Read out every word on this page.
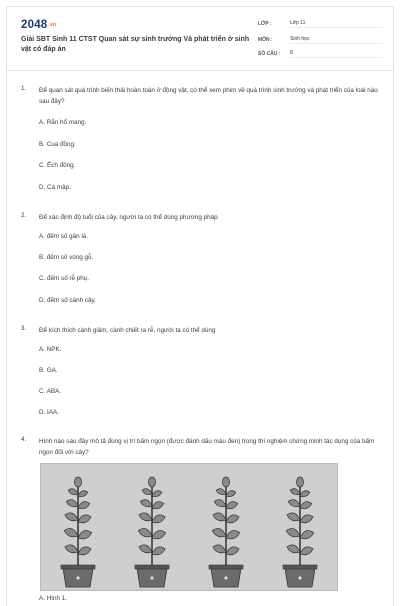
$2048^{.vn}$
Giải SBT Sinh 11 CTST Quan sát sự sinh trưởng Và phát triển ở sinh vật có đáp án
LỚP :	Lớp 11
MÔN :	Sinh học
SỐ CÂU : 8
1. Để quan sát quá trình biến thái hoàn toàn ở động vật, có thể xem phim về quá trình sinh trưởng và phát triển của loài nào sau đây?
A. Rắn hổ mang.
B. Cua đồng.
C. Ếch đồng.
D. Cá mập.
2. Để xác định độ tuổi của cây, người ta có thể dùng phương pháp
A. đếm số gân lá.
B. đếm số vòng gỗ.
C. đếm số rễ phụ.
D. đếm số cành cây.
3. Để kích thích cành giâm, cành chiết ra rễ, người ta có thể dùng
A. NPK.
B. GA.
C. ABA.
D. IAA.
4. Hình nào sau đây mô tả đúng vị trí bấm ngọn (được đánh dấu màu đen) trong thí nghiệm chứng minh tác dụng của bấm ngọn đối với cây?
A. Hình 1.
